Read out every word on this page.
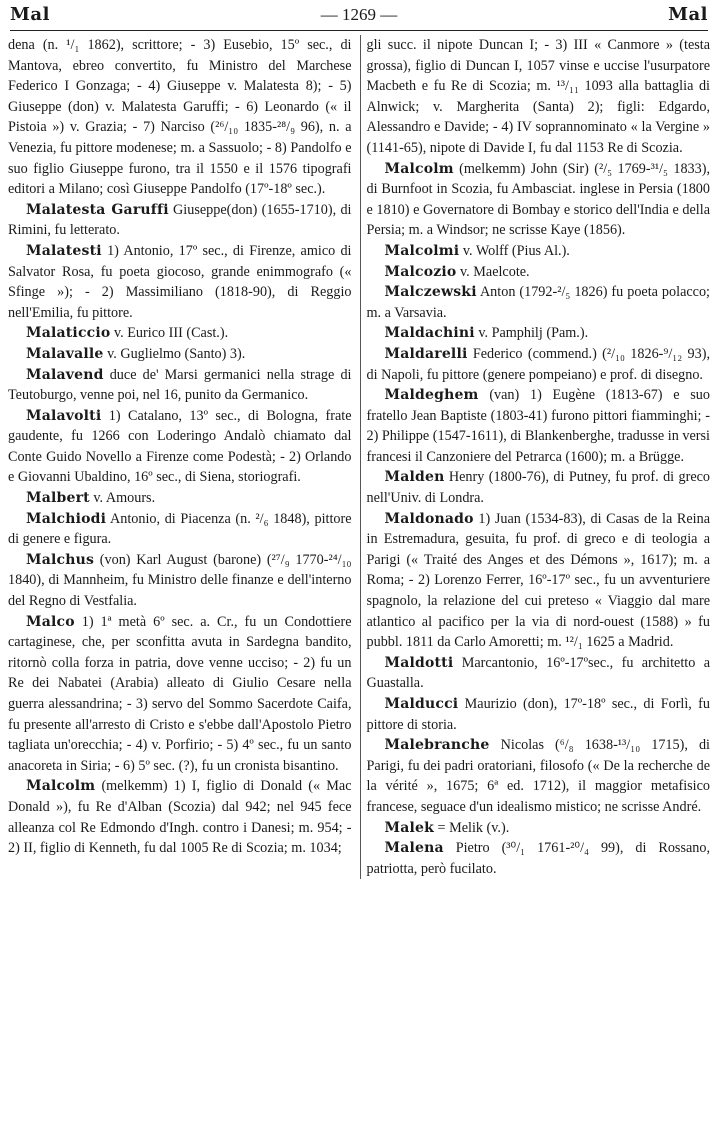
Mal	— 1269 —	Mal

dena (n. ¹/₁ 1862), scrittore; - 3) Eusebio, 15º sec., di Mantova, ebreo convertito, fu Ministro del Marchese Federico I Gonzaga; - 4) Giuseppe v. Malatesta 8); - 5) Giuseppe (don) v. Malatesta Garuffi; - 6) Leonardo (« il Pistoia ») v. Grazia; - 7) Narciso (²⁶/₁₀ 1835-²⁸/₉ 96), n. a Venezia, fu pittore modenese; m. a Sassuolo; - 8) Pandolfo e suo figlio Giuseppe furono, tra il 1550 e il 1576 tipografi editori a Milano; così Giuseppe Pandolfo (17º-18º sec.).

Malatesta Garuffi Giuseppe(don) (1655-1710), di Rimini, fu letterato.

Malatesti 1) Antonio, 17º sec., di Firenze, amico di Salvator Rosa, fu poeta giocoso, grande enimmografo (« Sfinge »); - 2) Massimiliano (1818-90), di Reggio nell'Emilia, fu pittore.

Malaticcio v. Eurico III (Cast.).

Malavalle v. Guglielmo (Santo) 3).

Malavend duce de' Marsi germanici nella strage di Teutoburgo, venne poi, nel 16, punito da Germanico.

Malavolti 1) Catalano, 13º sec., di Bologna, frate gaudente, fu 1266 con Loderingo Andalò chiamato dal Conte Guido Novello a Firenze come Podestà; - 2) Orlando e Giovanni Ubaldino, 16º sec., di Siena, storiografi.

Malbert v. Amours.

Malchiodi Antonio, di Piacenza (n. ²/₆ 1848), pittore di genere e figura.

Malchus (von) Karl August (barone) (²⁷/₉ 1770-²⁴/₁₀ 1840), di Mannheim, fu Ministro delle finanze e dell'interno del Regno di Vestfalia.

Malco 1) 1ª metà 6º sec. a. Cr., fu un Condottiere cartaginese, che, per sconfitta avuta in Sardegna bandito, ritornò colla forza in patria, dove venne ucciso; - 2) fu un Re dei Nabatei (Arabia) alleato di Giulio Cesare nella guerra alessandrina; - 3) servo del Sommo Sacerdote Caifa, fu presente all'arresto di Cristo e s'ebbe dall'Apostolo Pietro tagliata un'orecchia; - 4) v. Porfirio; - 5) 4º sec., fu un santo anacoreta in Siria; - 6) 5º sec. (?), fu un cronista bisantino.

Malcolm (melkemm) 1) I, figlio di Donald (« Mac Donald »), fu Re d'Alban (Scozia) dal 942; nel 945 fece alleanza col Re Edmondo d'Ingh. contro i Danesi; m. 954; - 2) II, figlio di Kenneth, fu dal 1005 Re di Scozia; m. 1034;

gli succ. il nipote Duncan I; - 3) III « Canmore » (testa grossa), figlio di Duncan I, 1057 vinse e uccise l'usurpatore Macbeth e fu Re di Scozia; m. ¹³/₁₁ 1093 alla battaglia di Alnwick; v. Margherita (Santa) 2); figli: Edgardo, Alessandro e Davide; - 4) IV soprannominato « la Vergine » (1141-65), nipote di Davide I, fu dal 1153 Re di Scozia.

Malcolm (melkemm) John (Sir) (²/₅ 1769-³¹/₅ 1833), di Burnfoot in Scozia, fu Ambasciat. inglese in Persia (1800 e 1810) e Governatore di Bombay e storico dell'India e della Persia; m. a Windsor; ne scrisse Kaye (1856).

Malcolmi v. Wolff (Pius Al.).

Malcozio v. Maelcote.

Malczewski Anton (1792-²/₅ 1826) fu poeta polacco; m. a Varsavia.

Maldachini v. Pamphilj (Pam.).

Maldarelli Federico (commend.) (²/₁₀ 1826-⁹/₁₂ 93), di Napoli, fu pittore (genere pompeiano) e prof. di disegno.

Maldeghem (van) 1) Eugène (1813-67) e suo fratello Jean Baptiste (1803-41) furono pittori fiamminghi; - 2) Philippe (1547-1611), di Blankenberghe, tradusse in versi francesi il Canzoniere del Petrarca (1600); m. a Brügge.

Malden Henry (1800-76), di Putney, fu prof. di greco nell'Univ. di Londra.

Maldonado 1) Juan (1534-83), di Casas de la Reina in Estremadura, gesuita, fu prof. di greco e di teologia a Parigi (« Traité des Anges et des Démons », 1617); m. a Roma; - 2) Lorenzo Ferrer, 16º-17º sec., fu un avventuriere spagnolo, la relazione del cui preteso « Viaggio dal mare atlantico al pacifico per la via di nord-ouest (1588) » fu pubbl. 1811 da Carlo Amoretti; m. ¹²/₁ 1625 a Madrid.

Maldotti Marcantonio, 16º-17ºsec., fu architetto a Guastalla.

Malducci Maurizio (don), 17º-18º sec., di Forlì, fu pittore di storia.

Malebranche Nicolas (⁶/₈ 1638-¹³/₁₀ 1715), di Parigi, fu dei padri oratoriani, filosofo (« De la recherche de la vérité », 1675; 6ª ed. 1712), il maggior metafisico francese, seguace d'un idealismo mistico; ne scrisse André.

Malek = Melik (v.).

Malena Pietro (³⁰/₁ 1761-²⁰/₄ 99), di Rossano, patriotta, però fucilato.
